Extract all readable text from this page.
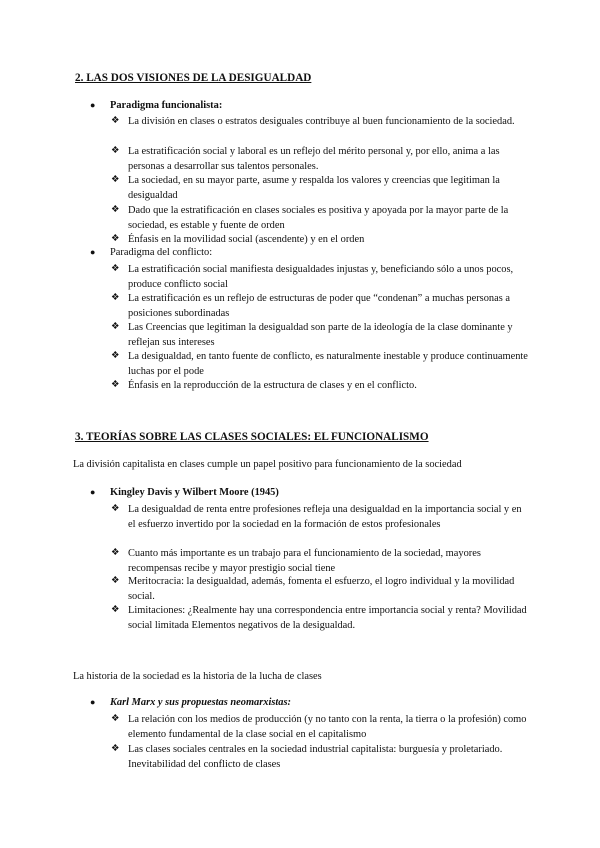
2. LAS DOS VISIONES DE LA DESIGUALDAD
● Paradigma funcionalista:
❖ La división en clases o estratos desiguales contribuye al buen funcionamiento de la sociedad.
❖ La estratificación social y laboral es un reflejo del mérito personal y, por ello, anima a las personas a desarrollar sus talentos personales.
❖ La sociedad, en su mayor parte, asume y respalda los valores y creencias que legitiman la desigualdad
❖ Dado que la estratificación en clases sociales es positiva y apoyada por la mayor parte de la sociedad, es estable y fuente de orden
❖ Énfasis en la movilidad social (ascendente) y en el orden
● Paradigma del conflicto:
❖ La estratificación social manifiesta desigualdades injustas y, beneficiando sólo a unos pocos, produce conflicto social
❖ La estratificación es un reflejo de estructuras de poder que “condenan” a muchas personas a posiciones subordinadas
❖ Las Creencias que legitiman la desigualdad son parte de la ideología de la clase dominante y reflejan sus intereses
❖ La desigualdad, en tanto fuente de conflicto, es naturalmente inestable y produce continuamente luchas por el pode
❖ Énfasis en la reproducción de la estructura de clases y en el conflicto.
3. TEORÍAS SOBRE LAS CLASES SOCIALES: EL FUNCIONALISMO
La división capitalista en clases cumple un papel positivo para funcionamiento de la sociedad
● Kingley Davis y Wilbert Moore (1945)
❖ La desigualdad de renta entre profesiones refleja una desigualdad en la importancia social y en el esfuerzo invertido por la sociedad en la formación de estos profesionales
❖ Cuanto más importante es un trabajo para el funcionamiento de la sociedad, mayores recompensas recibe y mayor prestigio social tiene
❖ Meritocracia: la desigualdad, además, fomenta el esfuerzo, el logro individual y la movilidad social.
❖ Limitaciones: ¿Realmente hay una correspondencia entre importancia social y renta? Movilidad social limitada Elementos negativos de la desigualdad.
La historia de la sociedad es la historia de la lucha de clases
● Karl Marx y sus propuestas neomarxistas:
❖ La relación con los medios de producción (y no tanto con la renta, la tierra o la profesión) como elemento fundamental de la clase social en el capitalismo
❖ Las clases sociales centrales en la sociedad industrial capitalista: burguesía y proletariado. Inevitabilidad del conflicto de clases
